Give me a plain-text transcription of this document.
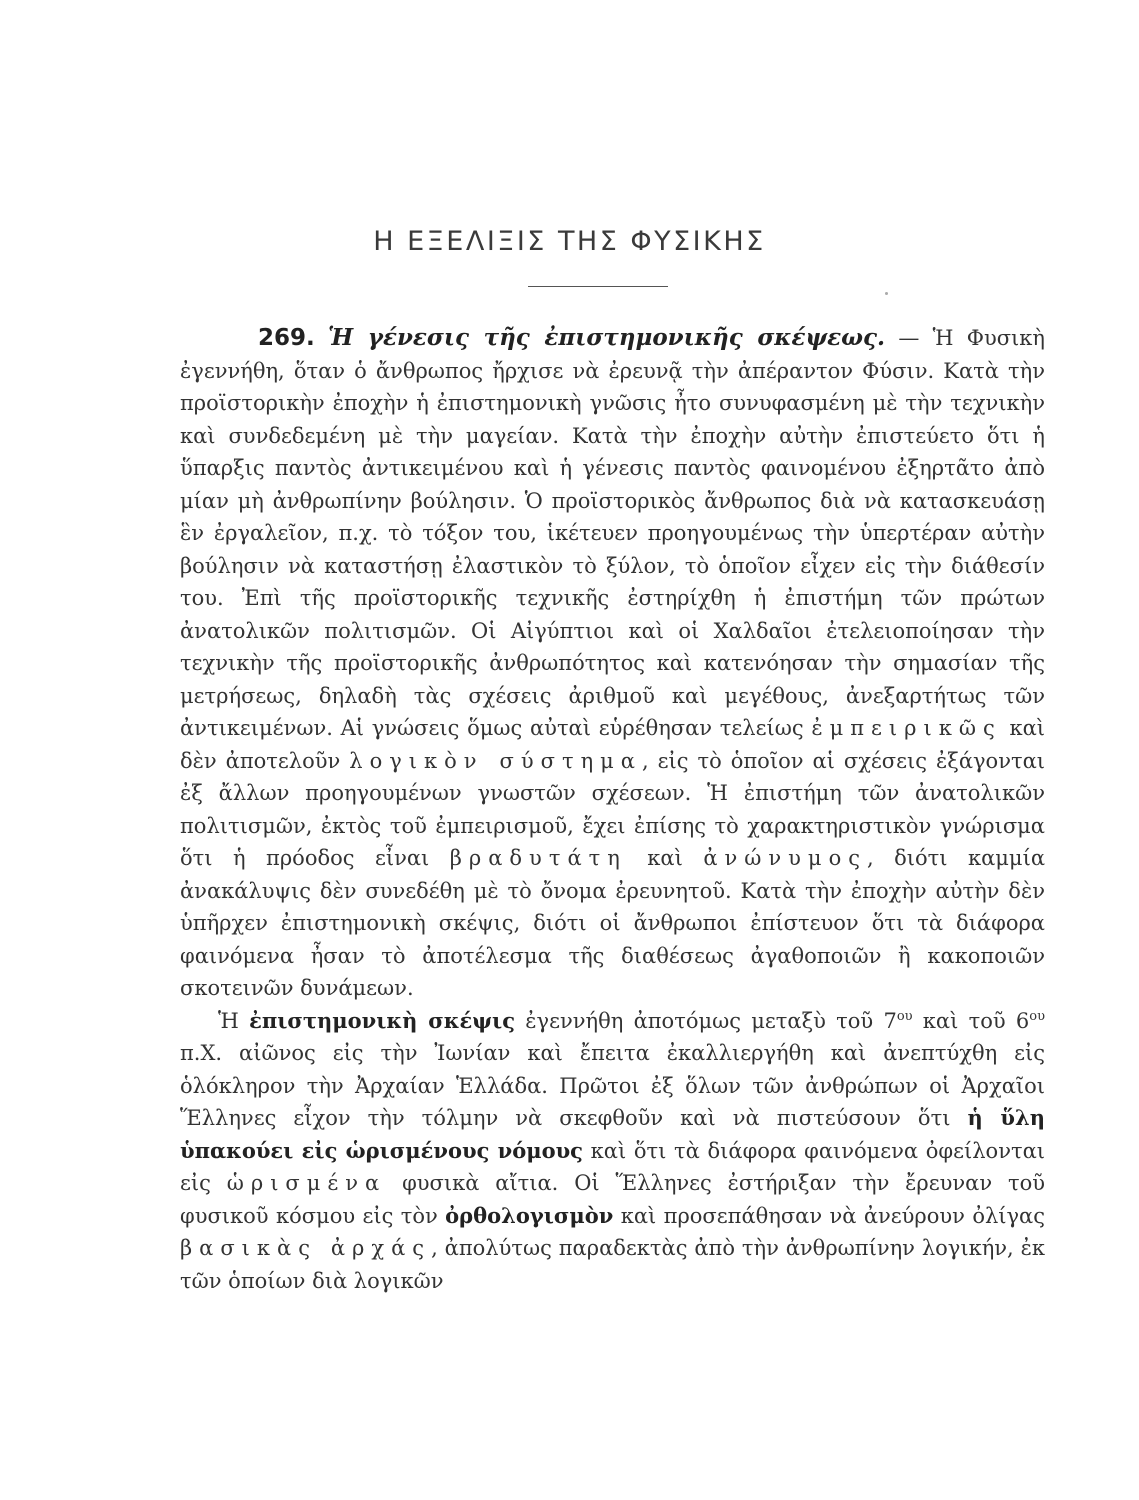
Η ΕΞΕΛΙΞΙΣ ΤΗΣ ΦΥΣΙΚΗΣ

269. Ἡ γένεσις τῆς ἐπιστημονικῆς σκέψεως. — Ἡ Φυσικὴ ἐγεννήθη, ὅταν ὁ ἄνθρωπος ἤρχισε νὰ ἐρευνᾷ τὴν ἀπέραντον Φύσιν. Κατὰ τὴν προϊστορικὴν ἐποχὴν ἡ ἐπιστημονικὴ γνῶσις ἦτο συνυφασμένη μὲ τὴν τεχνικὴν καὶ συνδεδεμένη μὲ τὴν μαγείαν. Κατὰ τὴν ἐποχὴν αὐτὴν ἐπιστεύετο ὅτι ἡ ὕπαρξις παντὸς ἀντικειμένου καὶ ἡ γένεσις παντὸς φαινομένου ἐξηρτᾶτο ἀπὸ μίαν μὴ ἀνθρωπίνην βούλησιν. Ὁ προϊστορικὸς ἄνθρωπος διὰ νὰ κατασκευάσῃ ἓν ἐργαλεῖον, π.χ. τὸ τόξον του, ἱκέτευεν προηγουμένως τὴν ὑπερτέραν αὐτὴν βούλησιν νὰ καταστήσῃ ἐλαστικὸν τὸ ξύλον, τὸ ὁποῖον εἶχεν εἰς τὴν διάθεσίν του. Ἐπὶ τῆς προϊστορικῆς τεχνικῆς ἐστηρίχθη ἡ ἐπιστήμη τῶν πρώτων ἀνατολικῶν πολιτισμῶν. Οἱ Αἰγύπτιοι καὶ οἱ Χαλδαῖοι ἐτελειοποίησαν τὴν τεχνικὴν τῆς προϊστορικῆς ἀνθρωπότητος καὶ κατενόησαν τὴν σημασίαν τῆς μετρήσεως, δηλαδὴ τὰς σχέσεις ἀριθμοῦ καὶ μεγέθους, ἀνεξαρτήτως τῶν ἀντικειμένων. Αἱ γνώσεις ὅμως αὐταὶ εὑρέθησαν τελείως ἐμπειρικῶς καὶ δὲν ἀποτελοῦν λογικὸν σύστημα, εἰς τὸ ὁποῖον αἱ σχέσεις ἐξάγονται ἐξ ἄλλων προηγουμένων γνωστῶν σχέσεων. Ἡ ἐπιστήμη τῶν ἀνατολικῶν πολιτισμῶν, ἐκτὸς τοῦ ἐμπειρισμοῦ, ἔχει ἐπίσης τὸ χαρακτηριστικὸν γνώρισμα ὅτι ἡ πρόοδος εἶναι βραδυτάτη καὶ ἀνώνυμος, διότι καμμία ἀνακάλυψις δὲν συνεδέθη μὲ τὸ ὄνομα ἐρευνητοῦ. Κατὰ τὴν ἐποχὴν αὐτὴν δὲν ὑπῆρχεν ἐπιστημονικὴ σκέψις, διότι οἱ ἄνθρωποι ἐπίστευον ὅτι τὰ διάφορα φαινόμενα ἦσαν τὸ ἀποτέλεσμα τῆς διαθέσεως ἀγαθοποιῶν ἢ κακοποιῶν σκοτεινῶν δυνάμεων.

Ἡ ἐπιστημονικὴ σκέψις ἐγεννήθη ἀποτόμως μεταξὺ τοῦ $7^{o\upsilon}$ καὶ τοῦ $6^{o\upsilon}$ π.Χ. αἰῶνος εἰς τὴν Ἰωνίαν καὶ ἔπειτα ἐκαλλιεργήθη καὶ ἀνεπτύχθη εἰς ὁλόκληρον τὴν Ἀρχαίαν Ἑλλάδα. Πρῶτοι ἐξ ὅλων τῶν ἀνθρώπων οἱ Ἀρχαῖοι Ἕλληνες εἶχον τὴν τόλμην νὰ σκεφθοῦν καὶ νὰ πιστεύσουν ὅτι ἡ ὕλη ὑπακούει εἰς ὡρισμένους νόμους καὶ ὅτι τὰ διάφορα φαινόμενα ὀφείλονται εἰς ὡρισμένα φυσικὰ αἴτια. Οἱ Ἕλληνες ἐστήριξαν τὴν ἔρευναν τοῦ φυσικοῦ κόσμου εἰς τὸν ὀρθολογισμὸν καὶ προσεπάθησαν νὰ ἀνεύρουν ὀλίγας βασικὰς ἀρχάς, ἀπολύτως παραδεκτὰς ἀπὸ τὴν ἀνθρωπίνην λογικήν, ἐκ τῶν ὁποίων διὰ λογικῶν
